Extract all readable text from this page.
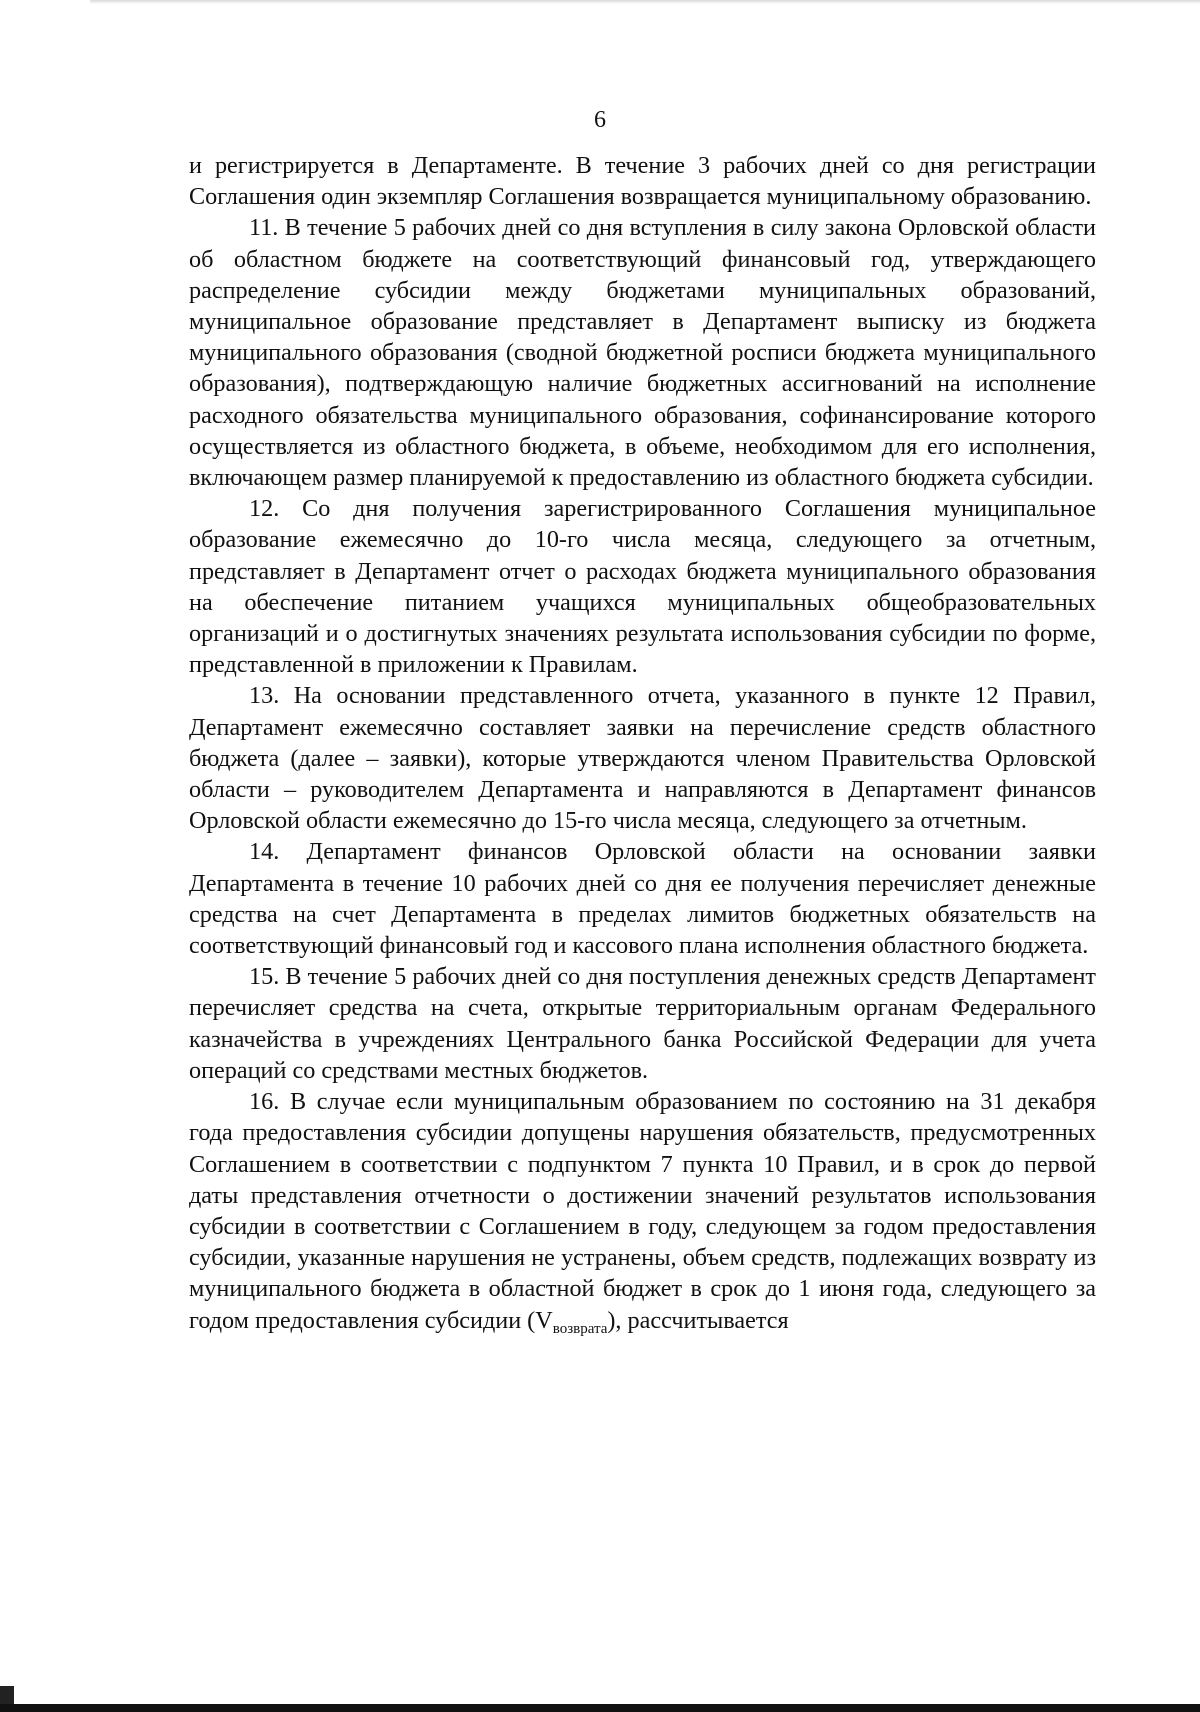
6

и регистрируется в Департаменте. В течение 3 рабочих дней со дня регистрации Соглашения один экземпляр Соглашения возвращается муниципальному образованию.

11. В течение 5 рабочих дней со дня вступления в силу закона Орловской области об областном бюджете на соответствующий финансовый год, утверждающего распределение субсидии между бюджетами муниципальных образований, муниципальное образование представляет в Департамент выписку из бюджета муниципального образования (сводной бюджетной росписи бюджета муниципального образования), подтверждающую наличие бюджетных ассигнований на исполнение расходного обязательства муниципального образования, софинансирование которого осуществляется из областного бюджета, в объеме, необходимом для его исполнения, включающем размер планируемой к предоставлению из областного бюджета субсидии.

12. Со дня получения зарегистрированного Соглашения муниципальное образование ежемесячно до 10-го числа месяца, следующего за отчетным, представляет в Департамент отчет о расходах бюджета муниципального образования на обеспечение питанием учащихся муниципальных общеобразовательных организаций и о достигнутых значениях результата использования субсидии по форме, представленной в приложении к Правилам.

13. На основании представленного отчета, указанного в пункте 12 Правил, Департамент ежемесячно составляет заявки на перечисление средств областного бюджета (далее – заявки), которые утверждаются членом Правительства Орловской области – руководителем Департамента и направляются в Департамент финансов Орловской области ежемесячно до 15-го числа месяца, следующего за отчетным.

14. Департамент финансов Орловской области на основании заявки Департамента в течение 10 рабочих дней со дня ее получения перечисляет денежные средства на счет Департамента в пределах лимитов бюджетных обязательств на соответствующий финансовый год и кассового плана исполнения областного бюджета.

15. В течение 5 рабочих дней со дня поступления денежных средств Департамент перечисляет средства на счета, открытые территориальным органам Федерального казначейства в учреждениях Центрального банка Российской Федерации для учета операций со средствами местных бюджетов.

16. В случае если муниципальным образованием по состоянию на 31 декабря года предоставления субсидии допущены нарушения обязательств, предусмотренных Соглашением в соответствии с подпунктом 7 пункта 10 Правил, и в срок до первой даты представления отчетности о достижении значений результатов использования субсидии в соответствии с Соглашением в году, следующем за годом предоставления субсидии, указанные нарушения не устранены, объем средств, подлежащих возврату из муниципального бюджета в областной бюджет в срок до 1 июня года, следующего за годом предоставления субсидии $(V_{возврата})$, рассчитывается
